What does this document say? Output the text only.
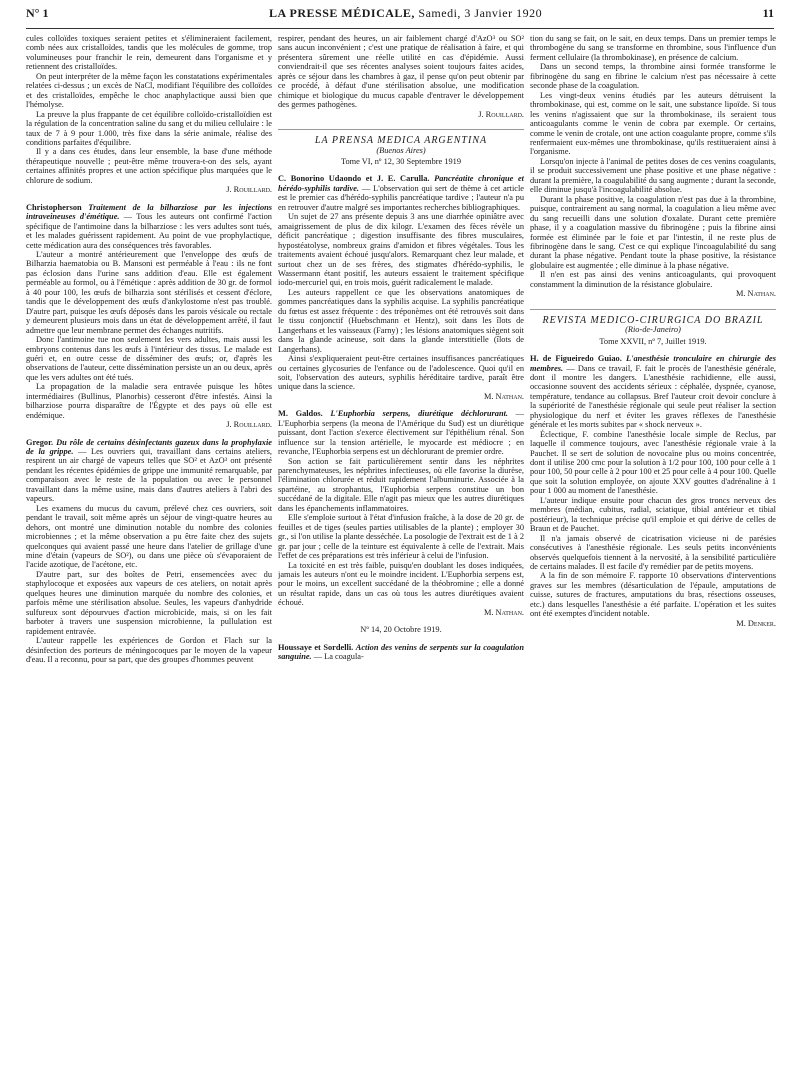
N° 1	LA PRESSE MÉDICALE, Samedi, 3 Janvier 1920	11

cules colloïdes toxiques seraient petites et s'élimineraient facilement, comb nées aux cristalloïdes, tandis que les molécules de gomme, trop volumineuses pour franchir le rein, demeurent dans l'organisme et y retiennent des cristalloïdes.

On peut interpréter de la même façon les constatations expérimentales relatées ci-dessus ; un excès de NaCl, modifiant l'équilibre des colloïdes et des cristalloïdes, empêche le choc anaphylactique aussi bien que l'hémolyse.

La preuve la plus frappante de cet équilibre colloïdo-cristalloïdien est la régulation de la concentration saline du sang et du milieu cellulaire : le taux de 7 à 9 pour 1.000, très fixe dans la série animale, réalise des conditions parfaites d'équilibre.

Il y a dans ces études, dans leur ensemble, la base d'une méthode thérapeutique nouvelle ; peut-être même trouvera-t-on des sels, ayant certaines affinités propres et une action spécifique plus marquées que le chlorure de sodium.

J. Rouillard.

Christopherson Traitement de la bilharziose par les injections intraveineuses d'émétique. — Tous les auteurs ont confirmé l'action spécifique de l'antimoine dans la bilharziose : les vers adultes sont tués, et les malades guérissent rapidement. Au point de vue prophylactique, cette médication aura des conséquences très favorables.

L'auteur a montré antérieurement que l'enveloppe des œufs de Bilharzia haematobia ou B. Mansoni est perméable à l'eau : ils ne font pas éclosion dans l'urine sans addition d'eau. Elle est également perméable au formol, ou à l'émétique : après addition de 30 gr. de formol à 40 pour 100, les œufs de bilharzia sont stérilisés et cessent d'éclore, tandis que le développement des œufs d'ankylostome n'est pas troublé. D'autre part, puisque les œufs déposés dans les parois vésicale ou rectale y demeurent plusieurs mois dans un état de développement arrêté, il faut admettre que leur membrane permet des échanges nutritifs.

Donc l'antimoine tue non seulement les vers adultes, mais aussi les embryons contenus dans les œufs à l'intérieur des tissus. Le malade est guéri et, en outre cesse de disséminer des œufs; or, d'après les observations de l'auteur, cette dissémination persiste un an ou deux, après que les vers adultes ont été tués.

La propagation de la maladie sera entravée puisque les hôtes intermédiaires (Bullinus, Planorbis) cesseront d'être infestés. Ainsi la bilharziose pourra disparaître de l'Égypte et des pays où elle est endémique.

J. Rouillard.

Gregor. Du rôle de certains désinfectants gazeux dans la prophylaxie de la grippe. — Les ouvriers qui, travaillant dans certains ateliers, respirent un air chargé de vapeurs telles que SO² et AzO³ ont présenté pendant les récentes épidémies de grippe une immunité remarquable, par comparaison avec le reste de la population ou avec le personnel travaillant dans la même usine, mais dans d'autres ateliers à l'abri des vapeurs.

Les examens du mucus du cavum, prélevé chez ces ouvriers, soit pendant le travail, soit même après un séjour de vingt-quatre heures au dehors, ont montré une diminution notable du nombre des colonies microbiennes ; et la même observation a pu être faite chez des sujets quelconques qui avaient passé une heure dans l'atelier de grillage d'une mine d'étain (vapeurs de SO²), ou dans une pièce où s'évaporaient de l'acide azotique, de l'acétone, etc.

D'autre part, sur des boîtes de Petri, ensemencées avec du staphylocoque et exposées aux vapeurs de ces ateliers, on notait après quelques heures une diminution marquée du nombre des colonies, et parfois même une stérilisation absolue. Seules, les vapeurs d'anhydride sulfureux sont dépourvues d'action microbicide, mais, si on les fait barboter à travers une suspension microbienne, la pullulation est rapidement entravée.

L'auteur rappelle les expériences de Gordon et Flach sur la désinfection des porteurs de méningocoques par le moyen de la vapeur d'eau. Il a reconnu, pour sa part, que des groupes d'hommes peuvent

respirer, pendant des heures, un air faiblement chargé d'AzO³ ou SO² sans aucun inconvénient ; c'est une pratique de réalisation à faire, et qui présentera sûrement une réelle utilité en cas d'épidémie. Aussi conviendrait-il que ses récentes analyses soient toujours faites acides, après ce séjour dans les chambres à gaz, il pense qu'on peut obtenir par ce procédé, à défaut d'une stérilisation absolue, une modification chimique et biologique du mucus capable d'entraver le développement des germes pathogènes.

J. Rouillard.
LA PRENSA MEDICA ARGENTINA
(Buenos Aires)
Tome VI, nº 12, 30 Septembre 1919

C. Bonorino Udaondo et J. E. Carulla. Pancréatite chronique et hérédo-syphilis tardive. — L'observation qui sert de thème à cet article est le premier cas d'hérédo-syphilis pancréatique tardive ; l'auteur n'a pu en retrouver d'autre malgré ses importantes recherches bibliographiques.

Un sujet de 27 ans présente depuis 3 ans une diarrhée opiniâtre avec amaigrissement de plus de dix kilogr. L'examen des fèces révèle un déficit pancréatique ; digestion insuffisante des fibres musculaires, hypostéatolyse, nombreux grains d'amidon et fibres végétales. Tous les traitements avaient échoué jusqu'alors. Remarquant chez leur malade, et surtout chez un de ses frères, des stigmates d'hérédo-syphilis, le Wassermann étant positif, les auteurs essaient le traitement spécifique iodo-mercuriel qui, en trois mois, guérit radicalement le malade.

Les auteurs rappellent ce que les observations anatomiques de gommes pancréatiques dans la syphilis acquise. La syphilis pancréatique du fœtus est assez fréquente : des tréponèmes ont été retrouvés soit dans le tissu conjonctif (Huebschmann et Hentz), soit dans les îlots de Langerhans et les vaisseaux (Farny) ; les lésions anatomiques siègent soit dans la glande acineuse, soit dans la glande interstitielle (îlots de Langerhans).

Ainsi s'expliqueraient peut-être certaines insuffisances pancréatiques ou certaines glycosuries de l'enfance ou de l'adolescence. Quoi qu'il en soit, l'observation des auteurs, syphilis héréditaire tardive, paraît être unique dans la science.

M. Nathan.

M. Galdos. L'Euphorbia serpens, diurétique déchlorurant. — L'Euphorbia serpens (la meona de l'Amérique du Sud) est un diurétique puissant, dont l'action s'exerce électivement sur l'épithélium rénal. Son influence sur la tension artérielle, le myocarde est médiocre ; en revanche, l'Euphorbia serpens est un déchlorurant de premier ordre.

Son action se fait particulièrement sentir dans les néphrites parenchymateuses, les néphrites infectieuses, où elle favorise la diurèse, l'élimination chlorurée et réduit rapidement l'albuminurie. Associée à la spartéine, au strophantus, l'Euphorbia serpens constitue un bon succédané de la digitale. Elle n'agit pas mieux que les autres diurétiques dans les épanchements inflammatoires.

Elle s'emploie surtout à l'état d'infusion fraîche, à la dose de 20 gr. de feuilles et de tiges (seules parties utilisables de la plante) ; employer 30 gr., si l'on utilise la plante desséchée. La posologie de l'extrait est de 1 à 2 gr. par jour ; celle de la teinture est équivalente à celle de l'extrait. Mais l'effet de ces préparations est très inférieur à celui de l'infusion.

La toxicité en est très faible, puisqu'en doublant les doses indiquées, jamais les auteurs n'ont eu le moindre incident. L'Euphorbia serpens est, pour le moins, un excellent succédané de la théobromine ; elle a donné un résultat rapide, dans un cas où tous les autres diurétiques avaient échoué.

M. Nathan.
Nº 14, 20 Octobre 1919.

Houssaye et Sordelli. Action des venins de serpents sur la coagulation sanguine. — La coagula-

tion du sang se fait, on le sait, en deux temps. Dans un premier temps le thrombogène du sang se transforme en thrombine, sous l'influence d'un ferment cellulaire (la thrombokinase), en présence de calcium.

Dans un second temps, la thrombine ainsi formée transforme le fibrinogène du sang en fibrine le calcium n'est pas nécessaire à cette seconde phase de la coagulation.

Les vingt-deux venins étudiés par les auteurs détruisent la thrombokinase, qui est, comme on le sait, une substance lipoïde. Si tous les venins n'agissaient que sur la thrombokinase, ils seraient tous anticoagulants comme le venin de cobra par exemple. Or certains, comme le venin de crotale, ont une action coagulante propre, comme s'ils renfermaient eux-mêmes une thrombokinase, qu'ils restitueraient ainsi à l'organisme.

Lorsqu'on injecte à l'animal de petites doses de ces venins coagulants, il se produit successivement une phase positive et une phase négative : durant la première, la coagulabilité du sang augmente ; durant la seconde, elle diminue jusqu'à l'incoagulabilité absolue.

Durant la phase positive, la coagulation n'est pas due à la thrombine, puisque, contrairement au sang normal, la coagulation a lieu même avec du sang recueilli dans une solution d'oxalate. Durant cette première phase, il y a coagulation massive du fibrinogène ; puis la fibrine ainsi formée est éliminée par le foie et par l'intestin, il ne reste plus de fibrinogène dans le sang. C'est ce qui explique l'incoagulabilité du sang durant la phase négative. Pendant toute la phase positive, la résistance globulaire est augmentée ; elle diminue à la phase négative.

Il n'en est pas ainsi des venins anticoagulants, qui provoquent constamment la diminution de la résistance globulaire.

M. Nathan.
REVISTA MEDICO-CIRURGICA DO BRAZIL
(Rio-de-Janeiro)
Tome XXVII, nº 7, Juillet 1919.

H. de Figueiredo Guiao. L'anesthésie tronculaire en chirurgie des membres. — Dans ce travail, F. fait le procès de l'anesthésie générale, dont il montre les dangers. L'anesthésie rachidienne, elle aussi, occasionne souvent des accidents sérieux : céphalée, dyspnée, cyanose, température, tendance au collapsus. Bref l'auteur croit devoir conclure à la supériorité de l'anesthésie régionale qui seule peut réaliser la section physiologique du nerf et éviter les graves réflexes de l'anesthésie générale et les morts subites par « shock nerveux ».

Éclectique, F. combine l'anesthésie locale simple de Reclus, par laquelle il commence toujours, avec l'anesthésie régionale vraie à la Pauchet. Il se sert de solution de novocaïne plus ou moins concentrée, dont il utilise 200 cmc pour la solution à 1/2 pour 100, 100 pour celle à 1 pour 100, 50 pour celle à 2 pour 100 et 25 pour celle à 4 pour 100. Quelle que soit la solution employée, on ajoute XXV gouttes d'adrénaline à 1 pour 1 000 au moment de l'anesthésie.

L'auteur indique ensuite pour chacun des gros troncs nerveux des membres (médian, cubitus, radial, sciatique, tibial antérieur et tibial postérieur), la technique précise qu'il emploie et qui dérive de celles de Braun et de Pauchet.

Il n'a jamais observé de cicatrisation vicieuse ni de parésies consécutives à l'anesthésie régionale. Les seuls petits inconvénients observés quelquefois tiennent à la nervosité, à la sensibilité particulière de certains malades. Il est facile d'y remédier par de petits moyens.

A la fin de son mémoire F. rapporte 10 observations d'interventions graves sur les membres (désarticulation de l'épaule, amputations de cuisse, sutures de fractures, amputations du bras, résections osseuses, etc.) dans lesquelles l'anesthésie a été parfaite. L'opération et les suites ont été exemptes d'incident notable.

M. Denker.
